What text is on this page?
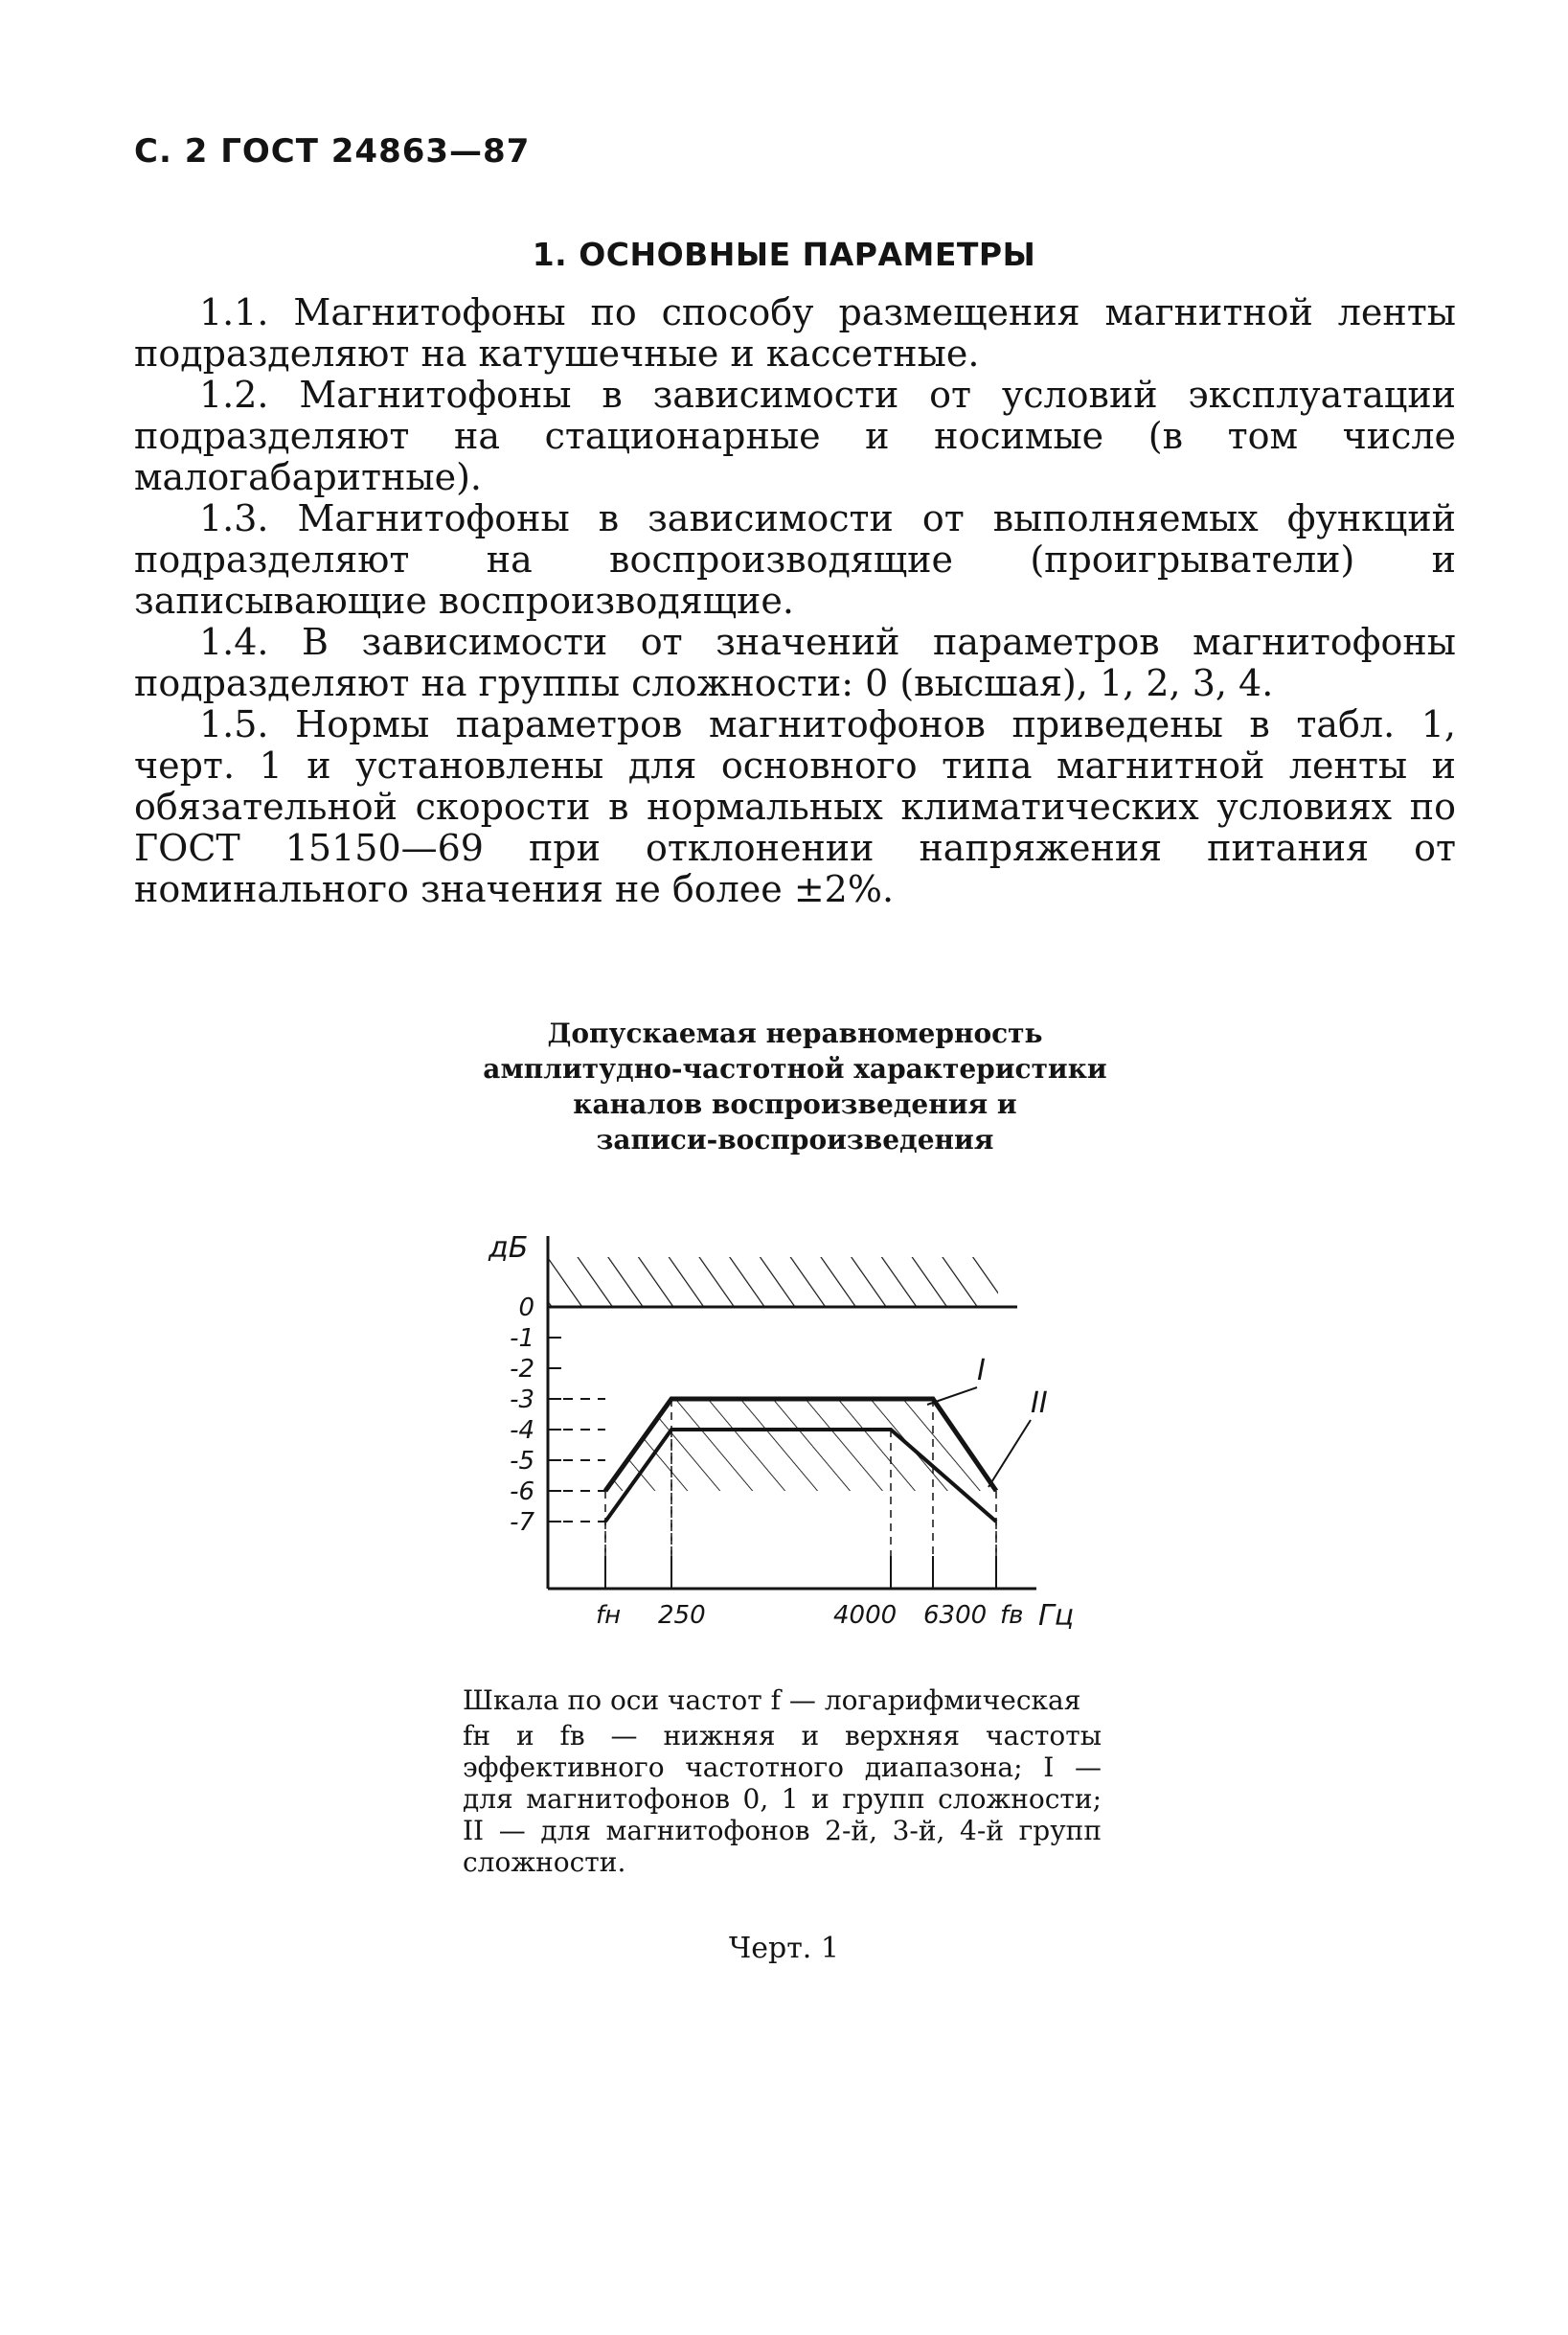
С. 2 ГОСТ 24863—87
1. ОСНОВНЫЕ ПАРАМЕТРЫ

1.1. Магнитофоны по способу размещения магнитной ленты подразделяют на катушечные и кассетные.

1.2. Магнитофоны в зависимости от условий эксплуатации подразделяют на стационарные и носимые (в том числе малогабаритные).

1.3. Магнитофоны в зависимости от выполняемых функций подразделяют на воспроизводящие (проигрыватели) и записывающие воспроизводящие.

1.4. В зависимости от значений параметров магнитофоны подразделяют на группы сложности: 0 (высшая), 1, 2, 3, 4.

1.5. Нормы параметров магнитофонов приведены в табл. 1, черт. 1 и установлены для основного типа магнитной ленты и обязательной скорости в нормальных климатических условиях по ГОСТ 15150—69 при отклонении напряжения питания от номинального значения не более ±2%.

Допускаемая неравномерность
амплитудно-частотной характеристики
каналов воспроизведения и
записи-воспроизведения
0
-1
-2
-3
-4
-5
-6
-7
дБ
I
II
fн 250	4000 6300 fв Гц

Шкала по оси частот f — логарифмическая

fн и fв — нижняя и верхняя частоты эффективного частотного диапазона; I — для магнитофонов 0, 1 и групп сложности; II — для магнитофонов 2-й, 3-й, 4-й групп сложности.

Черт. 1
